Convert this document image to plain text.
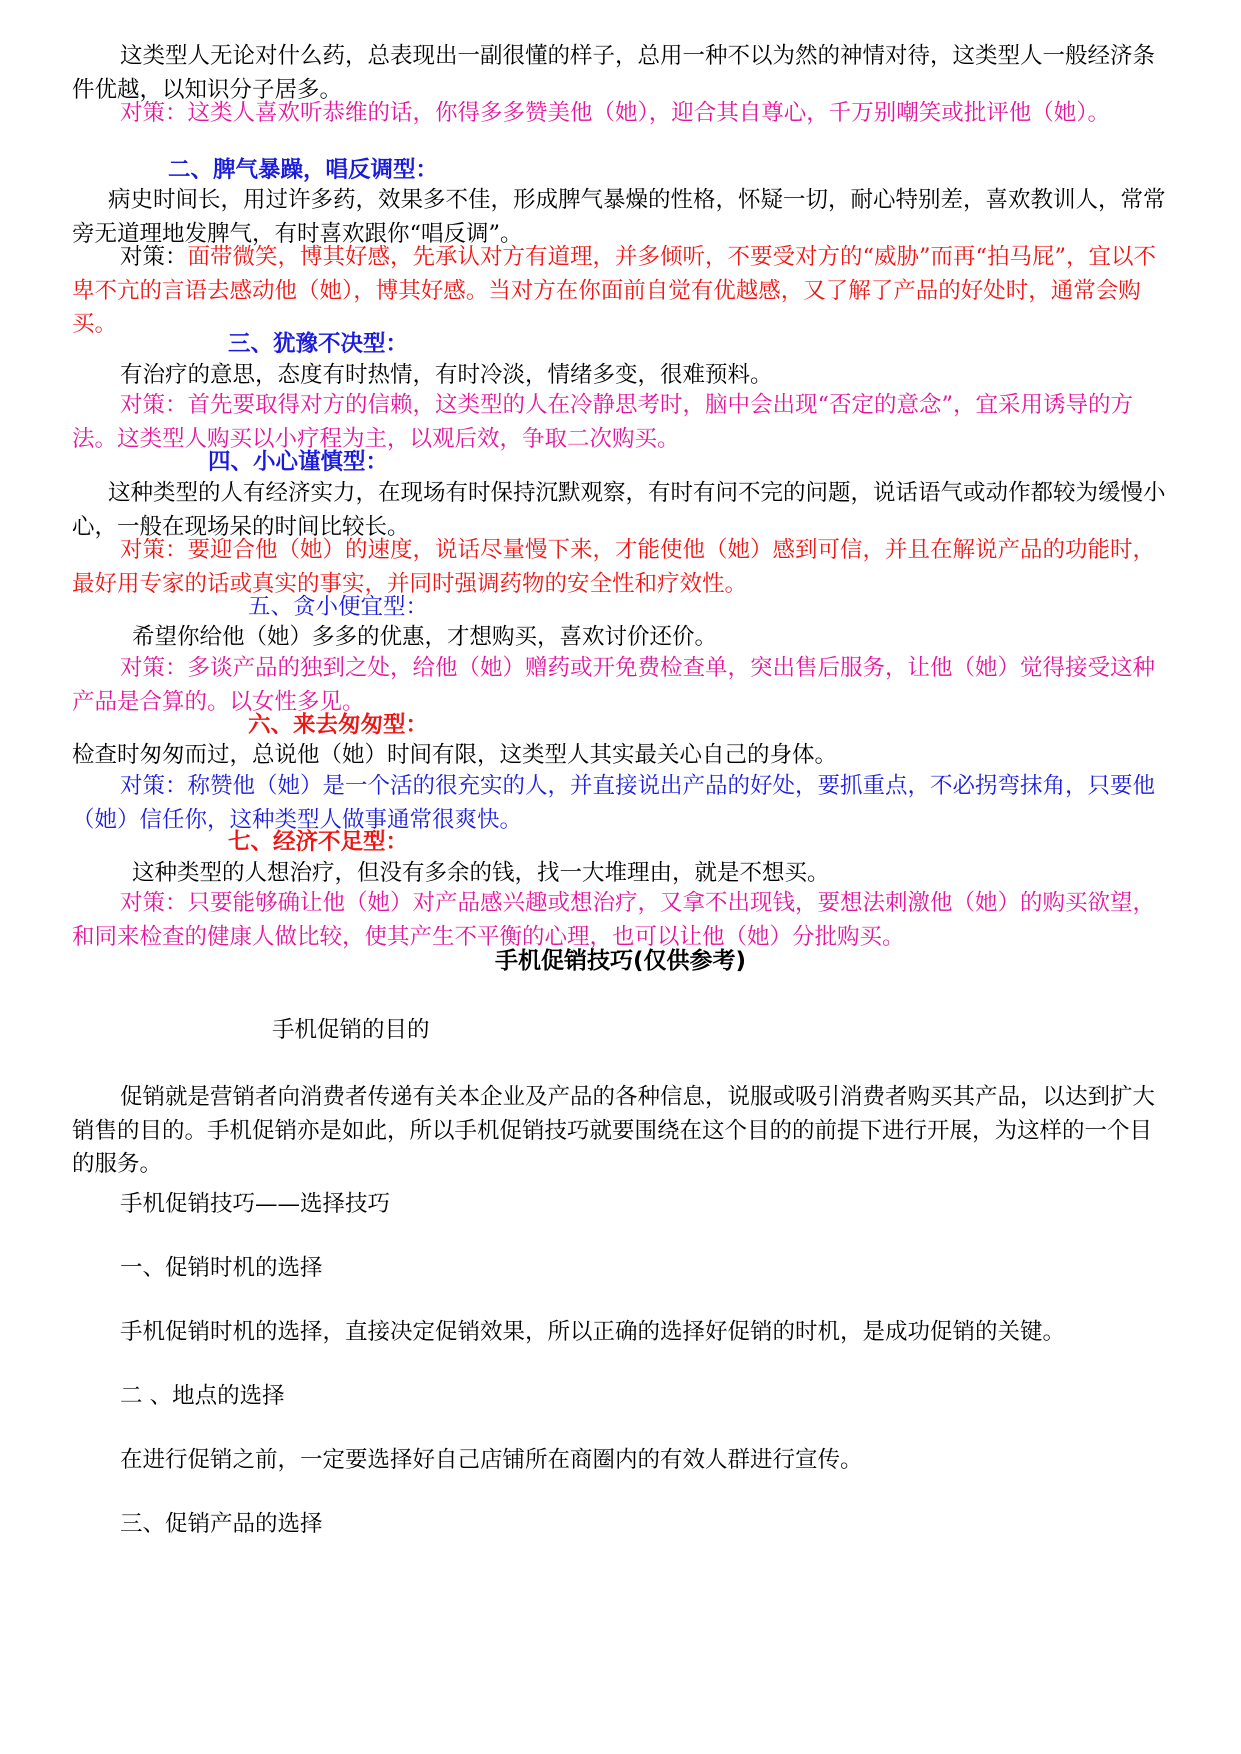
这类型人无论对什么药，总表现出一副很懂的样子，总用一种不以为然的神情对待，这类型人一般经济条件优越，以知识分子居多。

对策：这类人喜欢听恭维的话，你得多多赞美他（她），迎合其自尊心，千万别嘲笑或批评他（她）。

二、脾气暴躁，唱反调型：

病史时间长，用过许多药，效果多不佳，形成脾气暴燥的性格，怀疑一切，耐心特别差，喜欢教训人，常常旁无道理地发脾气，有时喜欢跟你“唱反调”。

对策：面带微笑，博其好感，先承认对方有道理，并多倾听，不要受对方的“威胁”而再“拍马屁”，宜以不卑不亢的言语去感动他（她），博其好感。当对方在你面前自觉有优越感，又了解了产品的好处时，通常会购买。

三、犹豫不决型：

有治疗的意思，态度有时热情，有时冷淡，情绪多变，很难预料。

对策：首先要取得对方的信赖，这类型的人在冷静思考时，脑中会出现“否定的意念”，宜采用诱导的方法。这类型人购买以小疗程为主，以观后效，争取二次购买。

四、小心谨慎型：

这种类型的人有经济实力，在现场有时保持沉默观察，有时有问不完的问题，说话语气或动作都较为缓慢小心，一般在现场呆的时间比较长。

对策：要迎合他（她）的速度，说话尽量慢下来，才能使他（她）感到可信，并且在解说产品的功能时，最好用专家的话或真实的事实，并同时强调药物的安全性和疗效性。

五、贪小便宜型：

希望你给他（她）多多的优惠，才想购买，喜欢讨价还价。

对策：多谈产品的独到之处，给他（她）赠药或开免费检查单，突出售后服务，让他（她）觉得接受这种产品是合算的。以女性多见。

六、来去匆匆型：

检查时匆匆而过，总说他（她）时间有限，这类型人其实最关心自己的身体。

对策：称赞他（她）是一个活的很充实的人，并直接说出产品的好处，要抓重点，不必拐弯抹角，只要他（她）信任你，这种类型人做事通常很爽快。

七、经济不足型：

这种类型的人想治疗，但没有多余的钱，找一大堆理由，就是不想买。

对策：只要能够确让他（她）对产品感兴趣或想治疗，又拿不出现钱，要想法刺激他（她）的购买欲望，和同来检查的健康人做比较，使其产生不平衡的心理，也可以让他（她）分批购买。

手机促销技巧(仅供参考)

手机促销的目的

促销就是营销者向消费者传递有关本企业及产品的各种信息，说服或吸引消费者购买其产品，以达到扩大销售的目的。手机促销亦是如此，所以手机促销技巧就要围绕在这个目的的前提下进行开展，为这样的一个目的服务。

手机促销技巧——选择技巧

一、促销时机的选择

手机促销时机的选择，直接决定促销效果，所以正确的选择好促销的时机，是成功促销的关键。

二 、地点的选择

在进行促销之前，一定要选择好自己店铺所在商圈内的有效人群进行宣传。

三、促销产品的选择
